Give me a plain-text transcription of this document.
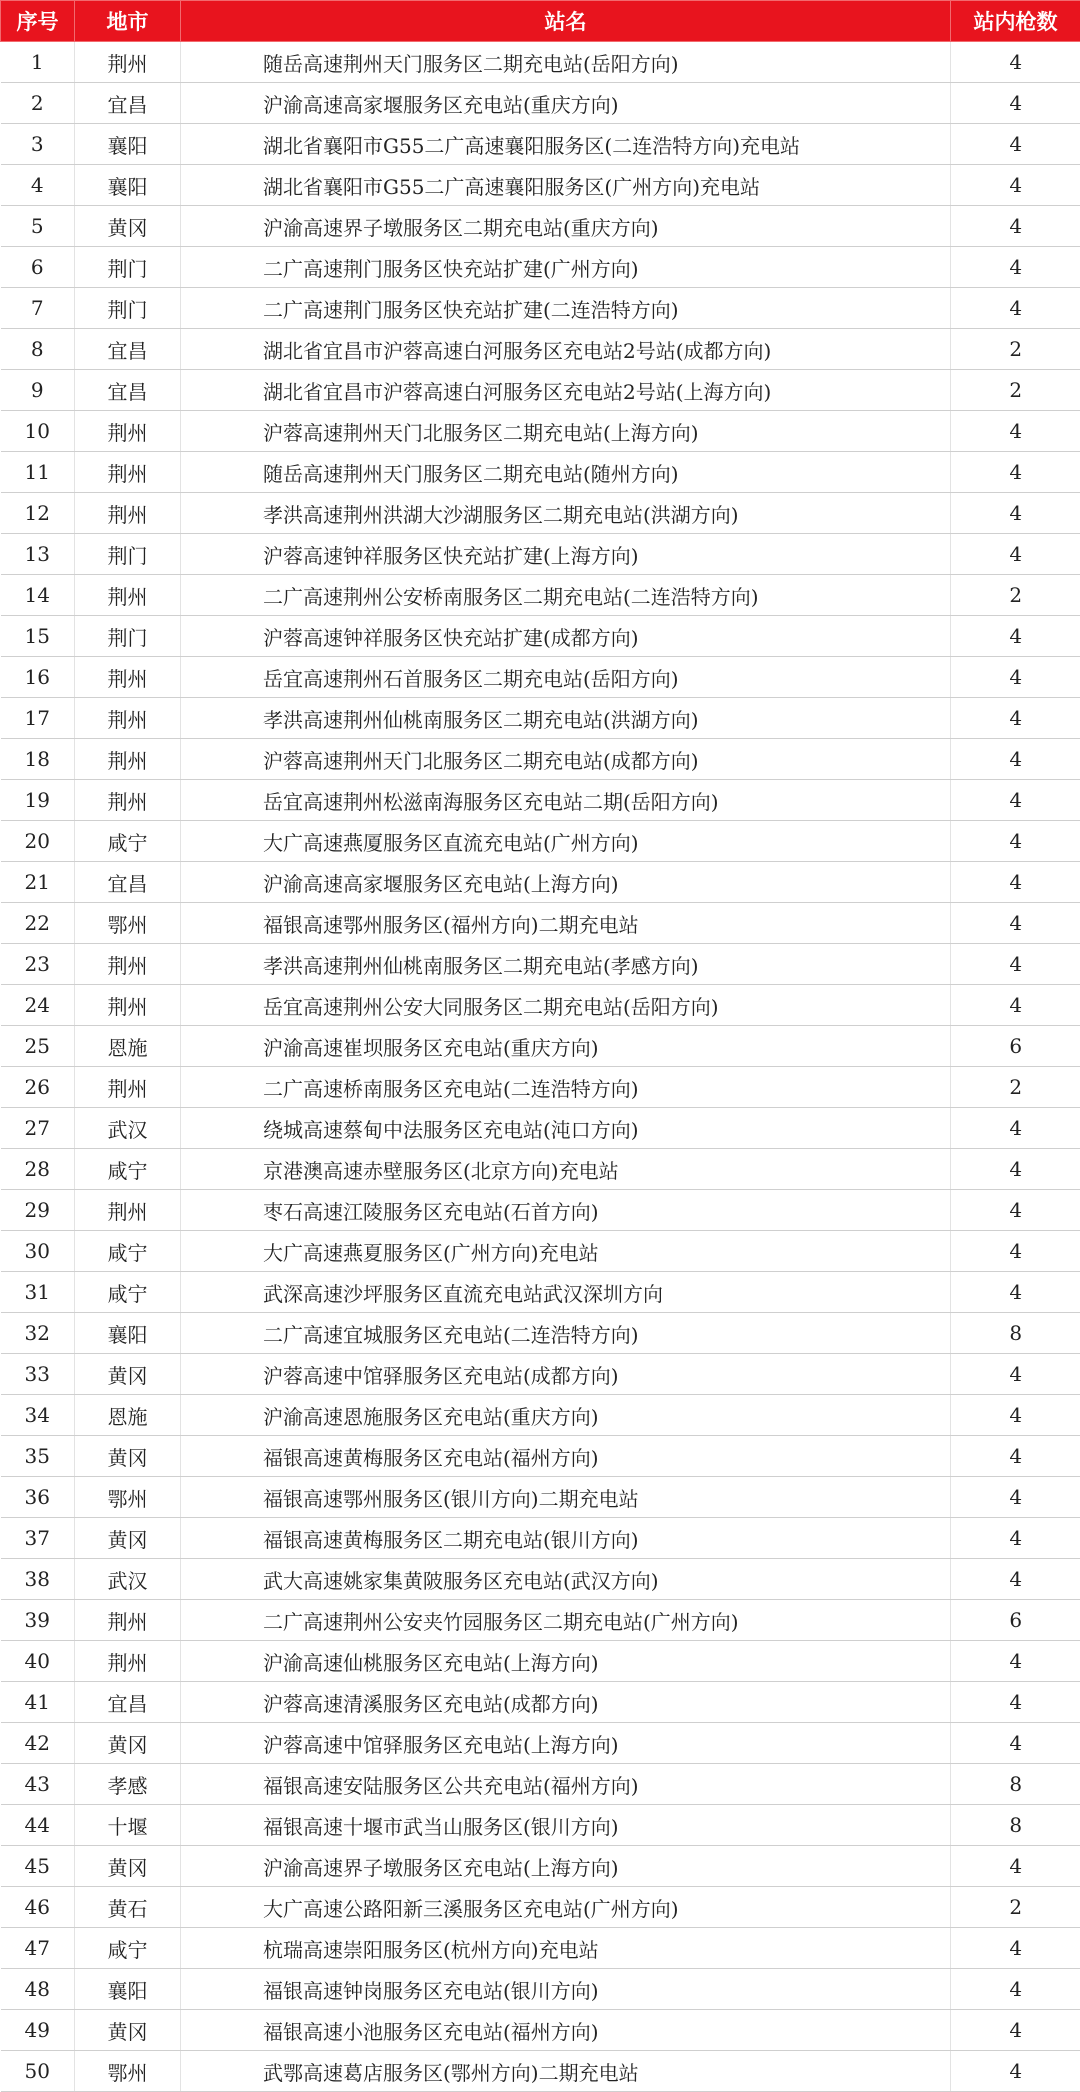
序号	地市	站名	站内枪数
1	荆州	随岳高速荆州天门服务区二期充电站(岳阳方向)	4
2	宜昌	沪渝高速高家堰服务区充电站(重庆方向)	4
3	襄阳	湖北省襄阳市G55二广高速襄阳服务区(二连浩特方向)充电站	4
4	襄阳	湖北省襄阳市G55二广高速襄阳服务区(广州方向)充电站	4
5	黄冈	沪渝高速界子墩服务区二期充电站(重庆方向)	4
6	荆门	二广高速荆门服务区快充站扩建(广州方向)	4
7	荆门	二广高速荆门服务区快充站扩建(二连浩特方向)	4
8	宜昌	湖北省宜昌市沪蓉高速白河服务区充电站2号站(成都方向)	2
9	宜昌	湖北省宜昌市沪蓉高速白河服务区充电站2号站(上海方向)	2
10	荆州	沪蓉高速荆州天门北服务区二期充电站(上海方向)	4
11	荆州	随岳高速荆州天门服务区二期充电站(随州方向)	4
12	荆州	孝洪高速荆州洪湖大沙湖服务区二期充电站(洪湖方向)	4
13	荆门	沪蓉高速钟祥服务区快充站扩建(上海方向)	4
14	荆州	二广高速荆州公安桥南服务区二期充电站(二连浩特方向)	2
15	荆门	沪蓉高速钟祥服务区快充站扩建(成都方向)	4
16	荆州	岳宜高速荆州石首服务区二期充电站(岳阳方向)	4
17	荆州	孝洪高速荆州仙桃南服务区二期充电站(洪湖方向)	4
18	荆州	沪蓉高速荆州天门北服务区二期充电站(成都方向)	4
19	荆州	岳宜高速荆州松滋南海服务区充电站二期(岳阳方向)	4
20	咸宁	大广高速燕厦服务区直流充电站(广州方向)	4
21	宜昌	沪渝高速高家堰服务区充电站(上海方向)	4
22	鄂州	福银高速鄂州服务区(福州方向)二期充电站	4
23	荆州	孝洪高速荆州仙桃南服务区二期充电站(孝感方向)	4
24	荆州	岳宜高速荆州公安大同服务区二期充电站(岳阳方向)	4
25	恩施	沪渝高速崔坝服务区充电站(重庆方向)	6
26	荆州	二广高速桥南服务区充电站(二连浩特方向)	2
27	武汉	绕城高速蔡甸中法服务区充电站(沌口方向)	4
28	咸宁	京港澳高速赤壁服务区(北京方向)充电站	4
29	荆州	枣石高速江陵服务区充电站(石首方向)	4
30	咸宁	大广高速燕夏服务区(广州方向)充电站	4
31	咸宁	武深高速沙坪服务区直流充电站武汉深圳方向	4
32	襄阳	二广高速宜城服务区充电站(二连浩特方向)	8
33	黄冈	沪蓉高速中馆驿服务区充电站(成都方向)	4
34	恩施	沪渝高速恩施服务区充电站(重庆方向)	4
35	黄冈	福银高速黄梅服务区充电站(福州方向)	4
36	鄂州	福银高速鄂州服务区(银川方向)二期充电站	4
37	黄冈	福银高速黄梅服务区二期充电站(银川方向)	4
38	武汉	武大高速姚家集黄陂服务区充电站(武汉方向)	4
39	荆州	二广高速荆州公安夹竹园服务区二期充电站(广州方向)	6
40	荆州	沪渝高速仙桃服务区充电站(上海方向)	4
41	宜昌	沪蓉高速清溪服务区充电站(成都方向)	4
42	黄冈	沪蓉高速中馆驿服务区充电站(上海方向)	4
43	孝感	福银高速安陆服务区公共充电站(福州方向)	8
44	十堰	福银高速十堰市武当山服务区(银川方向)	8
45	黄冈	沪渝高速界子墩服务区充电站(上海方向)	4
46	黄石	大广高速公路阳新三溪服务区充电站(广州方向)	2
47	咸宁	杭瑞高速崇阳服务区(杭州方向)充电站	4
48	襄阳	福银高速钟岗服务区充电站(银川方向)	4
49	黄冈	福银高速小池服务区充电站(福州方向)	4
50	鄂州	武鄂高速葛店服务区(鄂州方向)二期充电站	4
